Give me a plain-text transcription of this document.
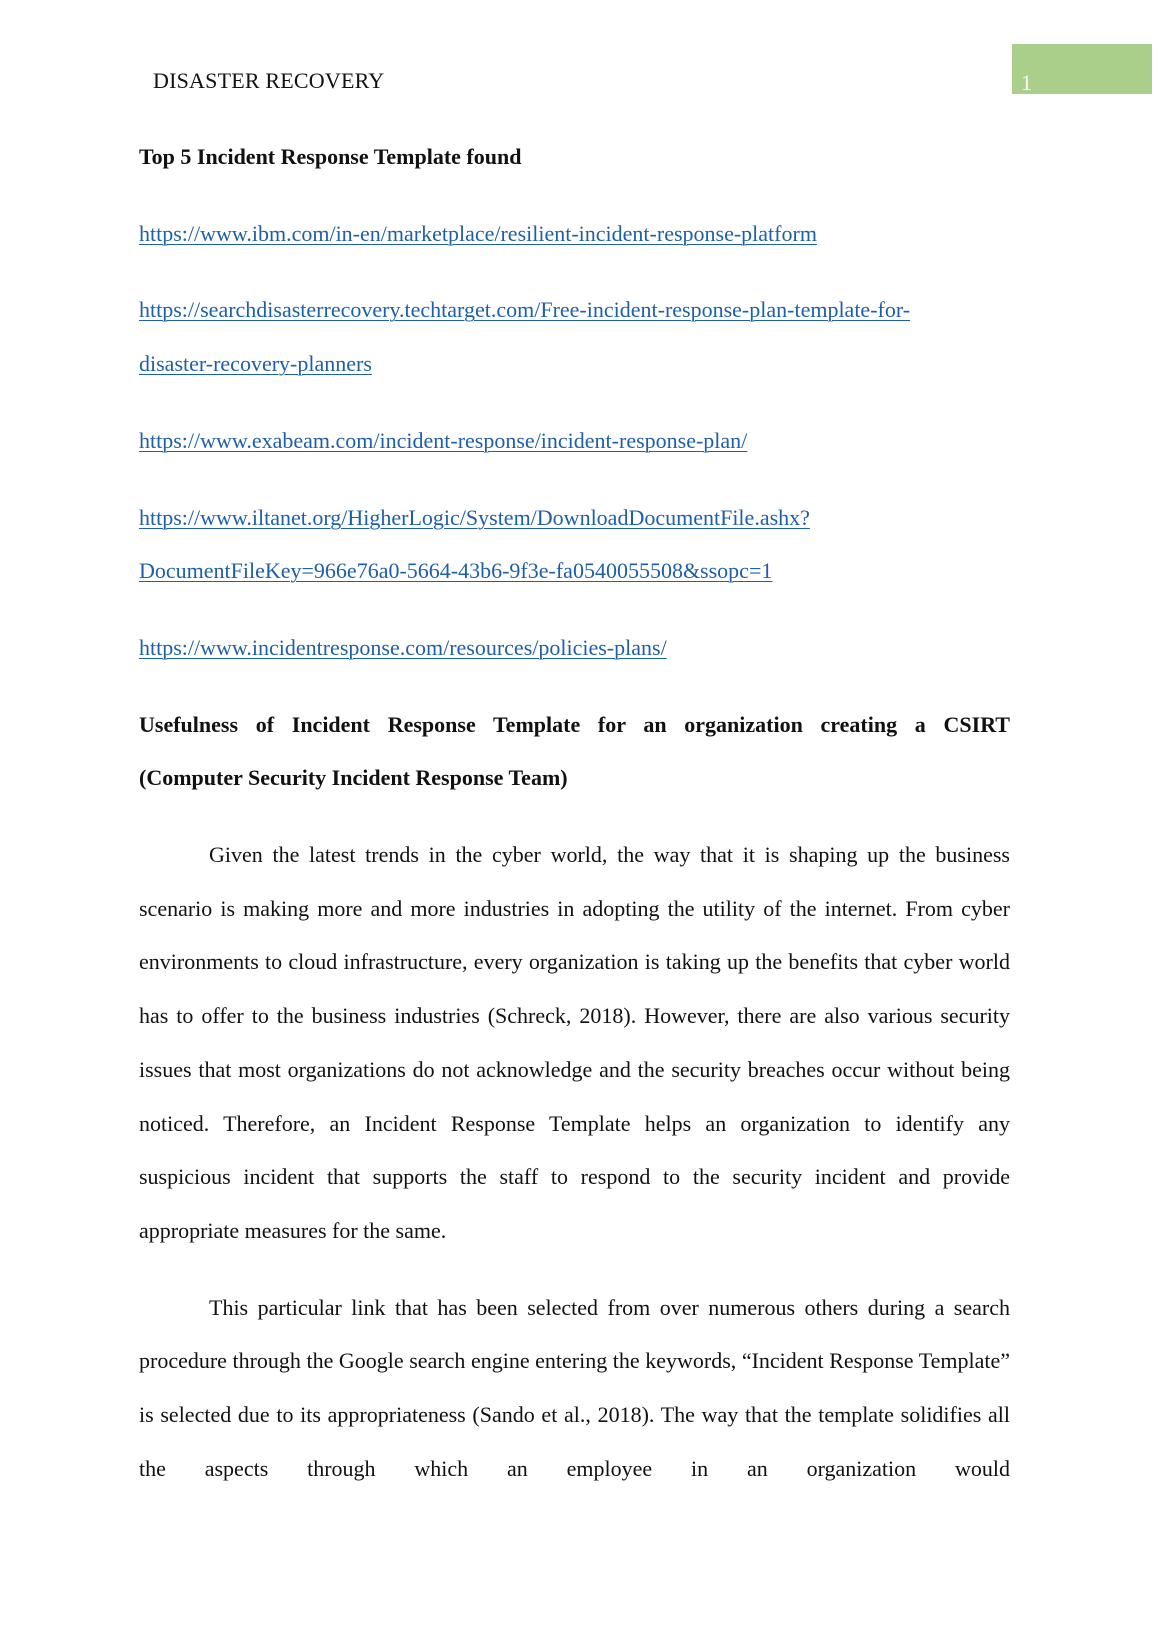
DISASTER RECOVERY	1

Top 5 Incident Response Template found

https://www.ibm.com/in-en/marketplace/resilient-incident-response-platform

https://searchdisasterrecovery.techtarget.com/Free-incident-response-plan-template-for-
disaster-recovery-planners

https://www.exabeam.com/incident-response/incident-response-plan/

https://www.iltanet.org/HigherLogic/System/DownloadDocumentFile.ashx?
DocumentFileKey=966e76a0-5664-43b6-9f3e-fa0540055508&ssopc=1

https://www.incidentresponse.com/resources/policies-plans/

Usefulness of Incident Response Template for an organization creating a CSIRT
(Computer Security Incident Response Team)

Given the latest trends in the cyber world, the way that it is shaping up the business scenario is making more and more industries in adopting the utility of the internet. From cyber environments to cloud infrastructure, every organization is taking up the benefits that cyber world has to offer to the business industries (Schreck, 2018). However, there are also various security issues that most organizations do not acknowledge and the security breaches occur without being noticed. Therefore, an Incident Response Template helps an organization to identify any suspicious incident that supports the staff to respond to the security incident and provide appropriate measures for the same.

This particular link that has been selected from over numerous others during a search procedure through the Google search engine entering the keywords, “Incident Response Template” is selected due to its appropriateness (Sando et al., 2018). The way that the template solidifies all the aspects through which an employee in an organization would
